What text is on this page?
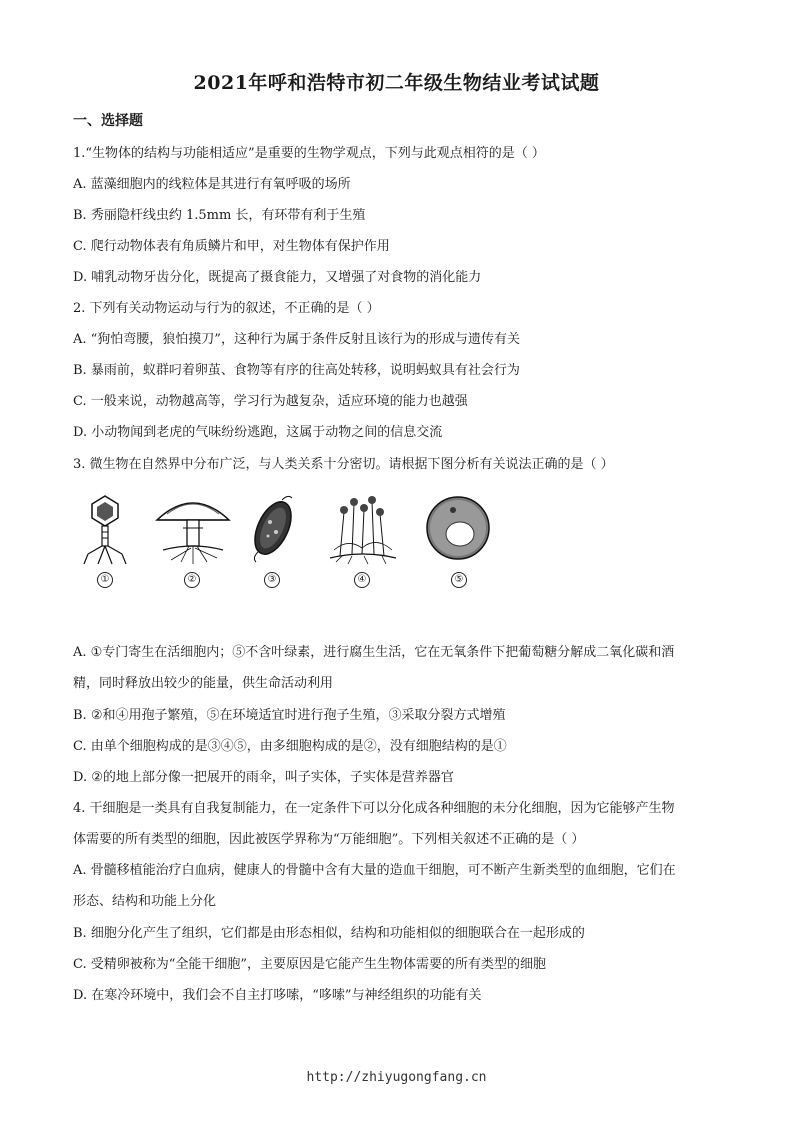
2021年呼和浩特市初二年级生物结业考试试题
一、选择题
1.“生物体的结构与功能相适应”是重要的生物学观点，下列与此观点相符的是（ ）
A. 蓝藻细胞内的线粒体是其进行有氧呼吸的场所
B. 秀丽隐杆线虫约 1.5mm 长，有环带有利于生殖
C. 爬行动物体表有角质鳞片和甲，对生物体有保护作用
D. 哺乳动物牙齿分化，既提高了摄食能力，又增强了对食物的消化能力
2. 下列有关动物运动与行为的叙述，不正确的是（ ）
A. “狗怕弯腰，狼怕摸刀”，这种行为属于条件反射且该行为的形成与遗传有关
B. 暴雨前，蚁群叼着卵茧、食物等有序的往高处转移，说明蚂蚁具有社会行为
C. 一般来说，动物越高等，学习行为越复杂，适应环境的能力也越强
D. 小动物闻到老虎的气味纷纷逃跑，这属于动物之间的信息交流
3. 微生物在自然界中分布广泛，与人类关系十分密切。请根据下图分析有关说法正确的是（ ）
①	②	③	④	⑤
A. ①专门寄生在活细胞内；⑤不含叶绿素，进行腐生生活，它在无氧条件下把葡萄糖分解成二氧化碳和酒
精，同时释放出较少的能量，供生命活动利用
B. ②和④用孢子繁殖，⑤在环境适宜时进行孢子生殖，③采取分裂方式增殖
C. 由单个细胞构成的是③④⑤，由多细胞构成的是②，没有细胞结构的是①
D. ②的地上部分像一把展开的雨伞，叫子实体，子实体是营养器官
4. 干细胞是一类具有自我复制能力，在一定条件下可以分化成各种细胞的未分化细胞，因为它能够产生物
体需要的所有类型的细胞，因此被医学界称为“万能细胞”。下列相关叙述不正确的是（ ）
A. 骨髓移植能治疗白血病，健康人的骨髓中含有大量的造血干细胞，可不断产生新类型的血细胞，它们在
形态、结构和功能上分化
B. 细胞分化产生了组织，它们都是由形态相似，结构和功能相似的细胞联合在一起形成的
C. 受精卵被称为“全能干细胞”，主要原因是它能产生生物体需要的所有类型的细胞
D. 在寒冷环境中，我们会不自主打哆嗦，“哆嗦”与神经组织的功能有关
http://zhiyugongfang.cn
